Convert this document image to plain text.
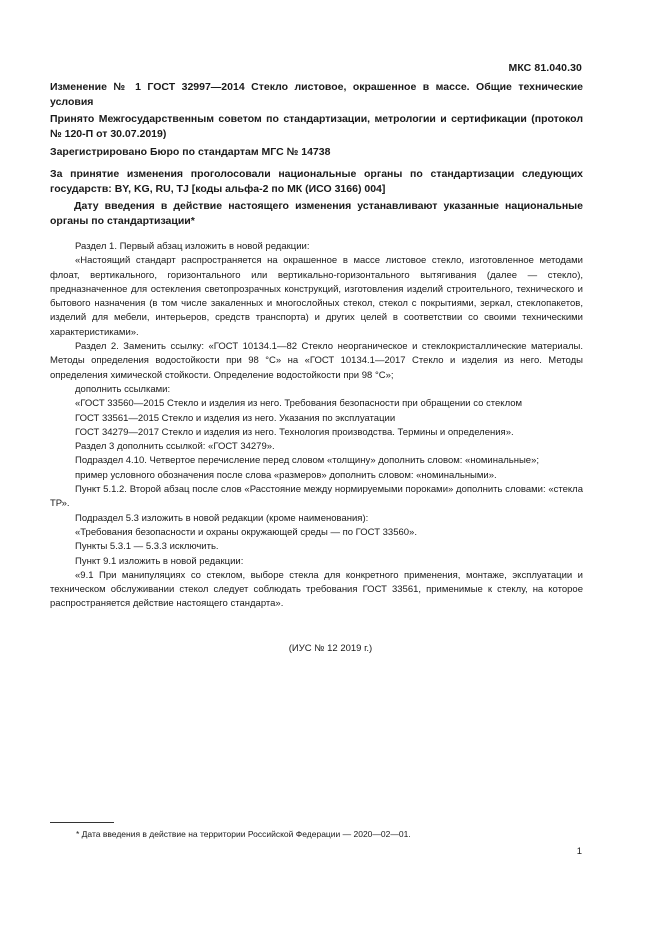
МКС 81.040.30
Изменение № 1 ГОСТ 32997—2014 Стекло листовое, окрашенное в массе. Общие технические условия
Принято Межгосударственным советом по стандартизации, метрологии и сертификации (протокол № 120-П от 30.07.2019)
Зарегистрировано Бюро по стандартам МГС № 14738
За принятие изменения проголосовали национальные органы по стандартизации следующих государств: BY, KG, RU, TJ [коды альфа-2 по МК (ИСО 3166) 004]
Дату введения в действие настоящего изменения устанавливают указанные национальные органы по стандартизации*

Раздел 1. Первый абзац изложить в новой редакции:

«Настоящий стандарт распространяется на окрашенное в массе листовое стекло, изготовленное методами флоат, вертикального, горизонтального или вертикально-горизонтального вытягивания (далее — стекло), предназначенное для остекления светопрозрачных конструкций, изготовления изделий строительного, технического и бытового назначения (в том числе закаленных и многослойных стекол, стекол с покрытиями, зеркал, стеклопакетов, изделий для мебели, интерьеров, средств транспорта) и других целей в соответствии со своими техническими характеристиками».

Раздел 2. Заменить ссылку: «ГОСТ 10134.1—82 Стекло неорганическое и стеклокристаллические материалы. Методы определения водостойкости при 98 °С» на «ГОСТ 10134.1—2017 Стекло и изделия из него. Методы определения химической стойкости. Определение водостойкости при 98 °С»;

дополнить ссылками:

«ГОСТ 33560—2015 Стекло и изделия из него. Требования безопасности при обращении со стеклом

ГОСТ 33561—2015 Стекло и изделия из него. Указания по эксплуатации

ГОСТ 34279—2017 Стекло и изделия из него. Технология производства. Термины и определения».

Раздел 3 дополнить ссылкой: «ГОСТ 34279».

Подраздел 4.10. Четвертое перечисление перед словом «толщину» дополнить словом: «номинальные»;

пример условного обозначения после слова «размеров» дополнить словом: «номинальными».

Пункт 5.1.2. Второй абзац после слов «Расстояние между нормируемыми пороками» дополнить словами: «стекла ТР».

Подраздел 5.3 изложить в новой редакции (кроме наименования):

«Требования безопасности и охраны окружающей среды — по ГОСТ 33560».

Пункты 5.3.1 — 5.3.3 исключить.

Пункт 9.1 изложить в новой редакции:

«9.1 При манипуляциях со стеклом, выборе стекла для конкретного применения, монтаже, эксплуатации и техническом обслуживании стекол следует соблюдать требования ГОСТ 33561, применимые к стеклу, на которое распространяется действие настоящего стандарта».

(ИУС № 12 2019 г.)
* Дата введения в действие на территории Российской Федерации — 2020—02—01.
1
